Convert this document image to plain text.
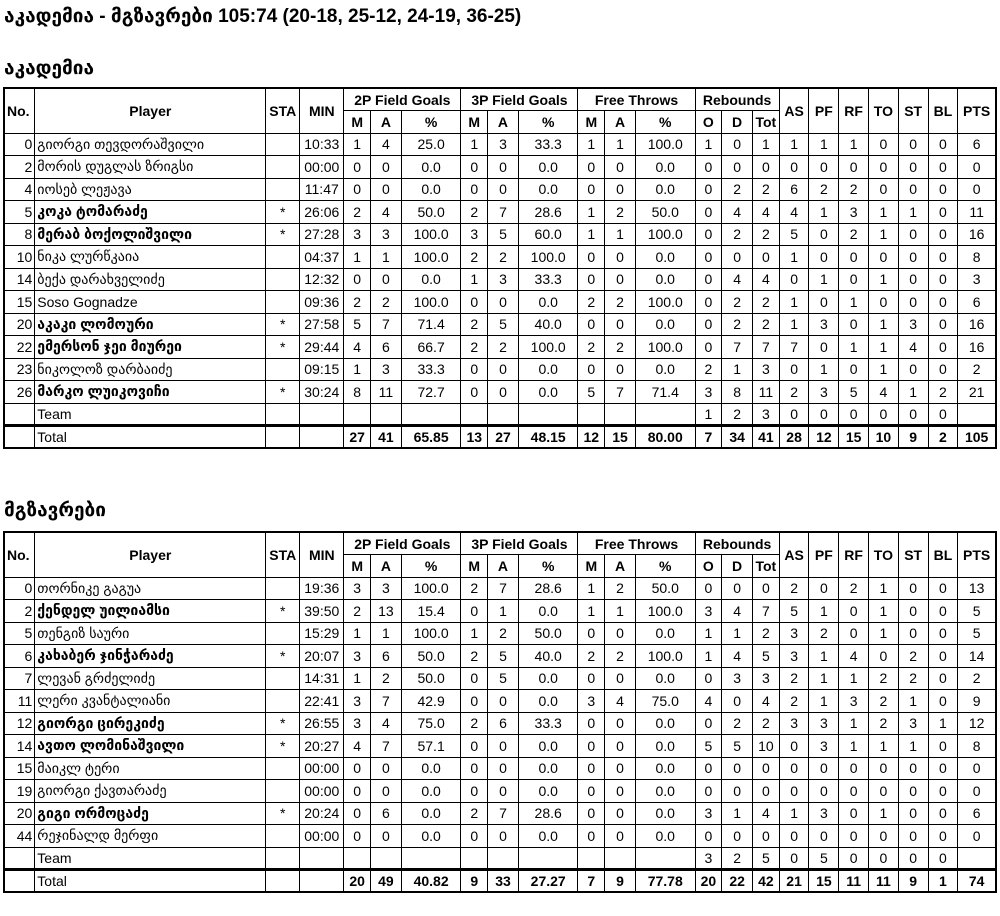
აკადემია - მგზავრები 105:74 (20-18, 25-12, 24-19, 36-25)
აკადემია
No.	Player	STA	MIN	2P Field Goals			3P Field Goals			Free Throws			Rebounds			AS	PF	RF	TO	ST	BL	PTS
				M	A	%	M	A	%	M	A	%	O	D	Tot							
0	გიორგი თევდორაშვილი		10:33	1	4	25.0	1	3	33.3	1	1	100.0	1	0	1	1	1	1	0	0	0	6
2	მორის დუგლას ზრიგსი		00:00	0	0	0.0	0	0	0.0	0	0	0.0	0	0	0	0	0	0	0	0	0	0
4	იოსებ ლეჟავა		11:47	0	0	0.0	0	0	0.0	0	0	0.0	0	2	2	6	2	2	0	0	0	0
5	კოკა ტომარაძე	*	26:06	2	4	50.0	2	7	28.6	1	2	50.0	0	4	4	4	1	3	1	1	0	11
8	მერაბ ბოქოლიშვილი	*	27:28	3	3	100.0	3	5	60.0	1	1	100.0	0	2	2	5	0	2	1	0	0	16
10	ნიკა ლურწკაია		04:37	1	1	100.0	2	2	100.0	0	0	0.0	0	0	0	1	0	0	0	0	0	8
14	ბექა დარახველიძე		12:32	0	0	0.0	1	3	33.3	0	0	0.0	0	4	4	0	1	0	1	0	0	3
15	Soso Gognadze		09:36	2	2	100.0	0	0	0.0	2	2	100.0	0	2	2	1	0	1	0	0	0	6
20	აკაკი ლომოური	*	27:58	5	7	71.4	2	5	40.0	0	0	0.0	0	2	2	1	3	0	1	3	0	16
22	ემერსონ ჯეი მიურეი	*	29:44	4	6	66.7	2	2	100.0	2	2	100.0	0	7	7	7	0	1	1	4	0	16
23	ნიკოლოზ დარბაიძე		09:15	1	3	33.3	0	0	0.0	0	0	0.0	2	1	3	0	1	0	1	0	0	2
26	მარკო ლუიკოვიჩი	*	30:24	8	11	72.7	0	0	0.0	5	7	71.4	3	8	11	2	3	5	4	1	2	21
	Team												1	2	3	0	0	0	0	0	0	
	Total			27	41	65.85	13	27	48.15	12	15	80.00	7	34	41	28	12	15	10	9	2	105
მგზავრები
No.	Player	STA	MIN	2P Field Goals			3P Field Goals			Free Throws			Rebounds			AS	PF	RF	TO	ST	BL	PTS
				M	A	%	M	A	%	M	A	%	O	D	Tot							
0	თორნიკე გაგუა		19:36	3	3	100.0	2	7	28.6	1	2	50.0	0	0	0	2	0	2	1	0	0	13
2	ქენდელ უილიამსი	*	39:50	2	13	15.4	0	1	0.0	1	1	100.0	3	4	7	5	1	0	1	0	0	5
5	თენგიზ საური		15:29	1	1	100.0	1	2	50.0	0	0	0.0	1	1	2	3	2	0	1	0	0	5
6	კახაბერ ჯინჭარაძე	*	20:07	3	6	50.0	2	5	40.0	2	2	100.0	1	4	5	3	1	4	0	2	0	14
7	ლევან გრძელიძე		14:31	1	2	50.0	0	5	0.0	0	0	0.0	0	3	3	2	1	1	2	2	0	2
11	ლერი კვანტალიანი		22:41	3	7	42.9	0	0	0.0	3	4	75.0	4	0	4	2	1	3	2	1	0	9
12	გიორგი ცირეკიძე	*	26:55	3	4	75.0	2	6	33.3	0	0	0.0	0	2	2	3	3	1	2	3	1	12
14	ავთო ლომინაშვილი	*	20:27	4	7	57.1	0	0	0.0	0	0	0.0	5	5	10	0	3	1	1	1	0	8
15	მაიკლ ტერი		00:00	0	0	0.0	0	0	0.0	0	0	0.0	0	0	0	0	0	0	0	0	0	0
19	გიორგი ქავთარაძე		00:00	0	0	0.0	0	0	0.0	0	0	0.0	0	0	0	0	0	0	0	0	0	0
20	გიგი ორმოცაძე	*	20:24	0	6	0.0	2	7	28.6	0	0	0.0	3	1	4	1	3	0	1	0	0	6
44	რეჯინალდ მერფი		00:00	0	0	0.0	0	0	0.0	0	0	0.0	0	0	0	0	0	0	0	0	0	0
	Team												3	2	5	0	5	0	0	0	0	
	Total			20	49	40.82	9	33	27.27	7	9	77.78	20	22	42	21	15	11	11	9	1	74
